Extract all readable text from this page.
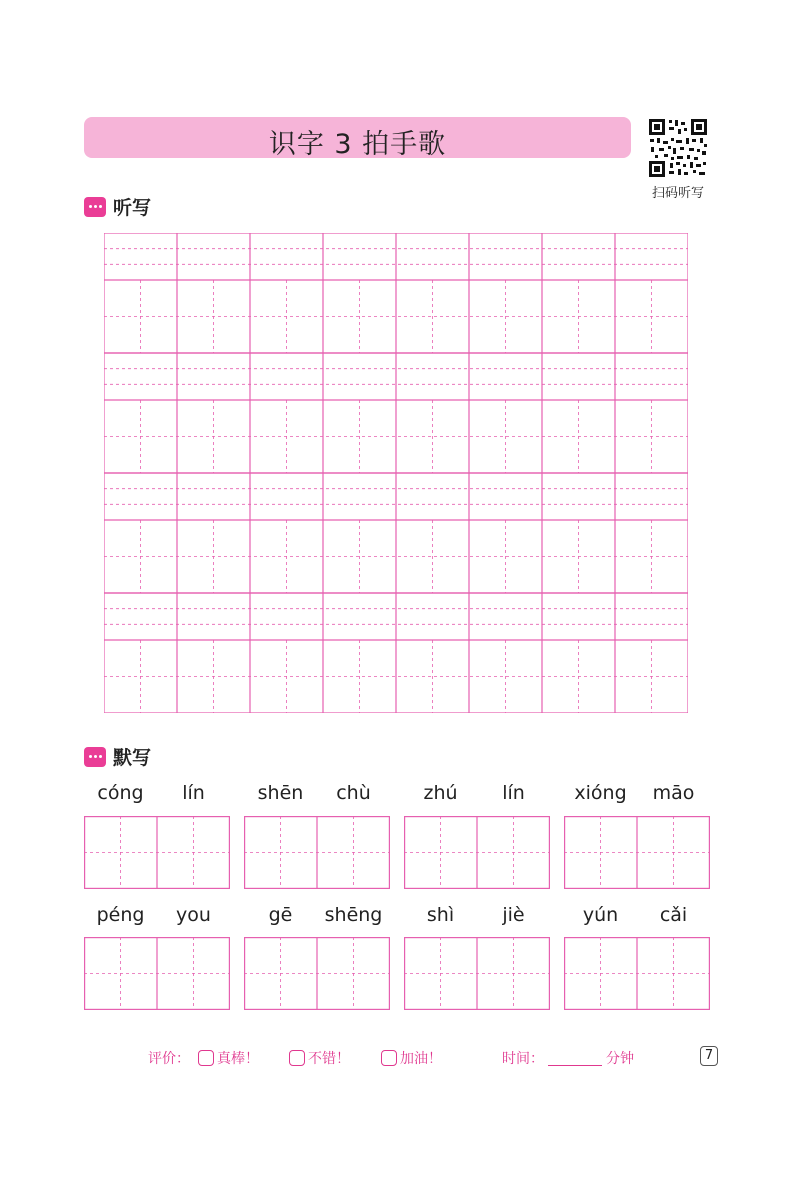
识字 3 拍手歌
扫码听写
听写
默写
cóng	lín	shēn	chù	zhú	lín	xióng	māo
péng	you	gē	shēng	shì	jiè	yún	cǎi
评价： 真棒！	不错！	加油！	时间：	分钟	7
